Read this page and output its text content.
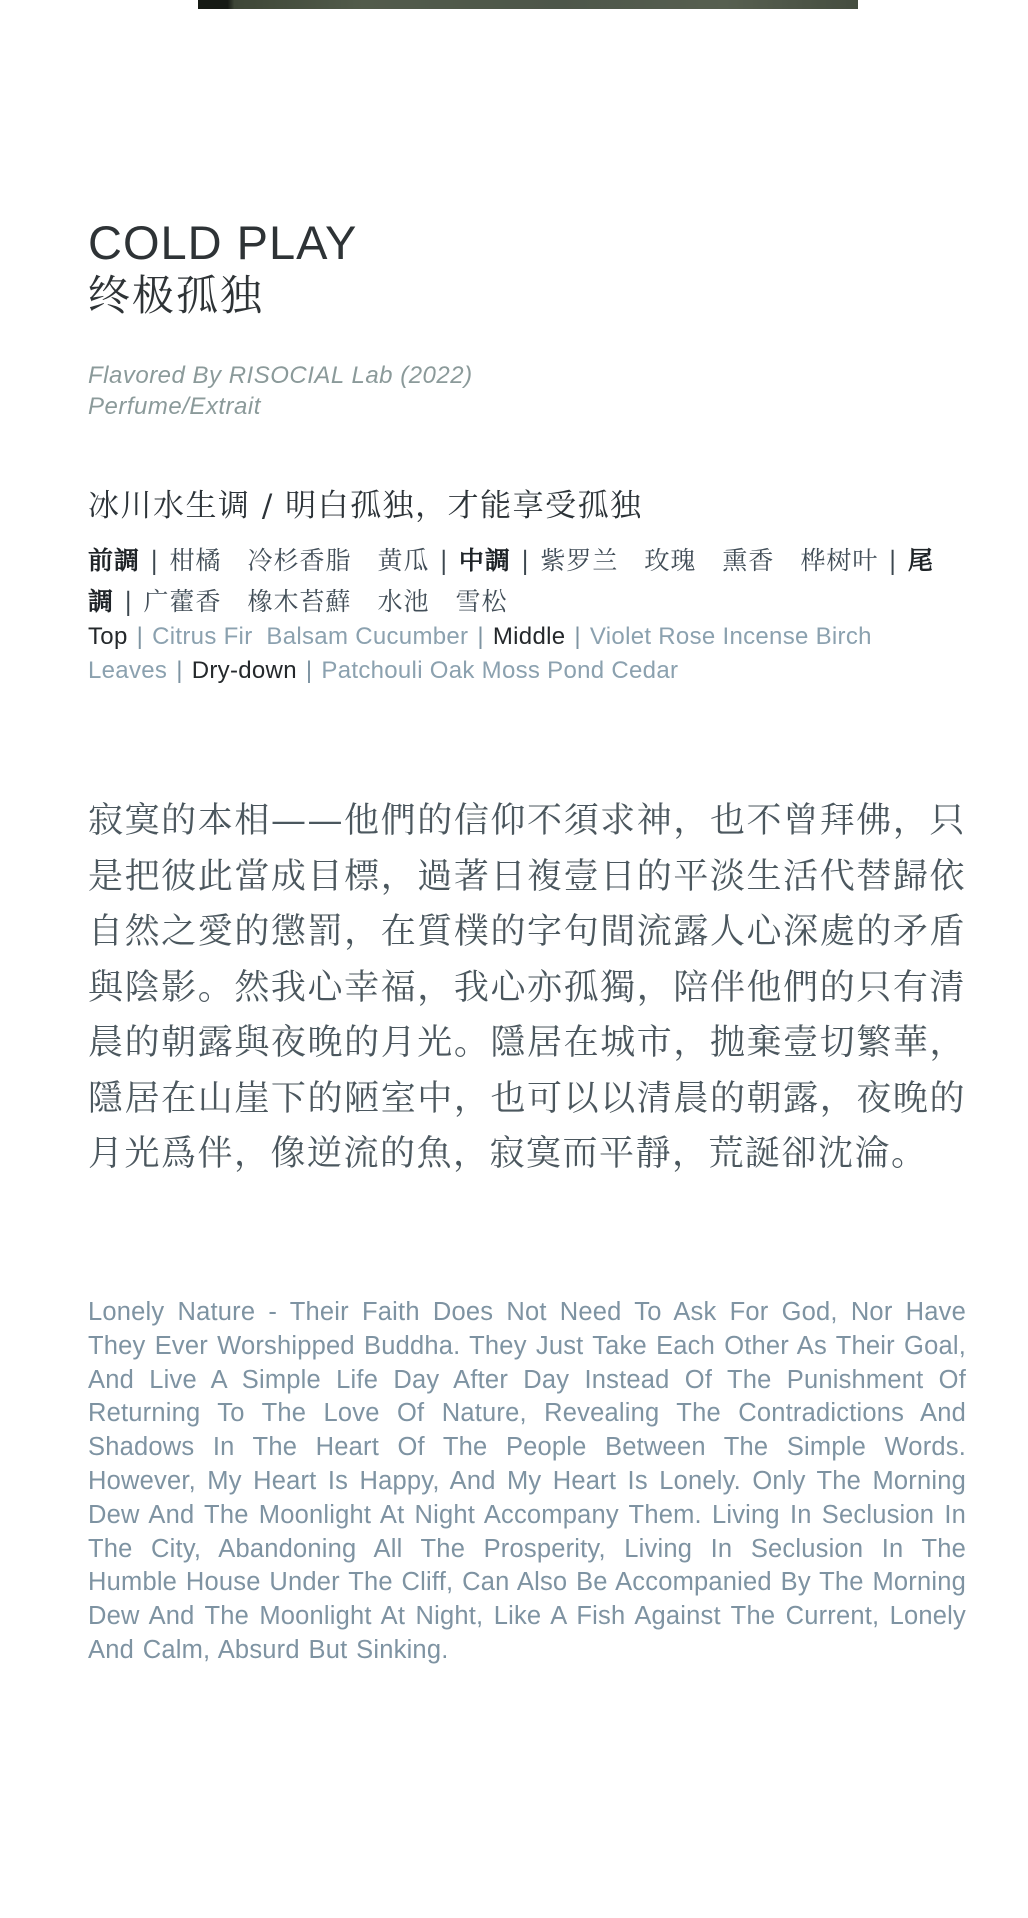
COLD PLAY
终极孤独

Flavored By RISOCIAL Lab (2022)

Perfume/Extrait

冰川水生调 / 明白孤独，才能享受孤独

前調 | 柑橘　冷杉香脂　黄瓜 | 中調 | 紫罗兰　玫瑰　熏香　桦树叶 | 尾調 | 广藿香　橡木苔蘚　水池　雪松

Top | Citrus Fir  Balsam Cucumber | Middle | Violet Rose Incense Birch Leaves | Dry-down | Patchouli Oak Moss Pond Cedar

寂寞的本相——他們的信仰不須求神，也不曾拜佛，只是把彼此當成目標，過著日複壹日的平淡生活代替歸依自然之愛的懲罰，在質樸的字句間流露人心深處的矛盾與陰影。然我心幸福，我心亦孤獨，陪伴他們的只有清晨的朝露與夜晚的月光。隱居在城市，抛棄壹切繁華，隱居在山崖下的陋室中，也可以以清晨的朝露，夜晚的月光爲伴，像逆流的魚，寂寞而平靜，荒誕卻沈淪。

Lonely Nature - Their Faith Does Not Need To Ask For God, Nor Have They Ever Worshipped Buddha. They Just Take Each Other As Their Goal, And Live A Simple Life Day After Day Instead Of The Punishment Of Returning To The Love Of Nature, Revealing The Contradictions And Shadows In The Heart Of The People Between The Simple Words. However, My Heart Is Happy, And My Heart Is Lonely. Only The Morning Dew And The Moonlight At Night Accompany Them. Living In Seclusion In The City, Abandoning All The Prosperity, Living In Seclusion In The Humble House Under The Cliff, Can Also Be Accompanied By The Morning Dew And The Moonlight At Night, Like A Fish Against The Current, Lonely And Calm, Absurd But Sinking.
